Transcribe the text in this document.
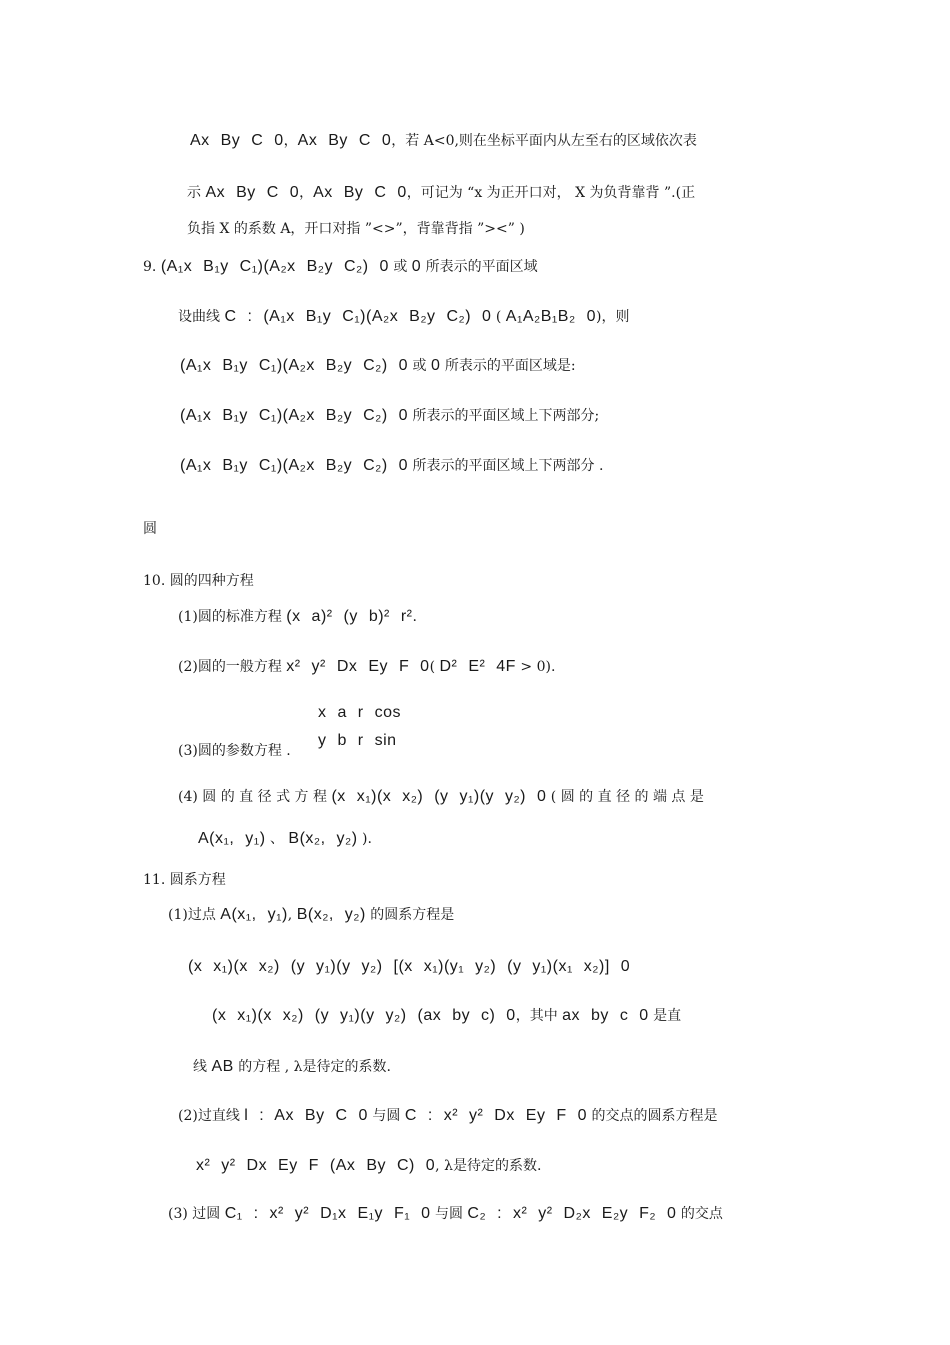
Ax By C 0，Ax By C 0，若 A<0,则在坐标平面内从左至右的区域依次表
示 Ax By C 0，Ax By C 0，可记为 “x 为正开口对， X 为负背靠背 ”.(正
负指 X 的系数 A，开口对指 ”<>”，背靠背指 ”><” )
9. (A₁x B₁y C₁)(A₂x B₂y C₂) 0 或 0 所表示的平面区域
设曲线 C : (A₁x B₁y C₁)(A₂x B₂y C₂) 0 ( A₁A₂B₁B₂ 0)，则
(A₁x B₁y C₁)(A₂x B₂y C₂) 0 或 0 所表示的平面区域是:
(A₁x B₁y C₁)(A₂x B₂y C₂) 0 所表示的平面区域上下两部分;
(A₁x B₁y C₁)(A₂x B₂y C₂) 0 所表示的平面区域上下两部分 .
圆
10. 圆的四种方程
(1)圆的标准方程 (x a)² (y b)² r².
(2)圆的一般方程 x² y² Dx Ey F 0( D² E² 4F > 0).
x a r cos
y b r sin
(3)圆的参数方程 .
(4) 圆 的 直 径 式 方 程 (x x₁)(x x₂) (y y₁)(y y₂) 0 ( 圆 的 直 径 的 端 点 是
A(x₁, y₁) 、 B(x₂, y₂) ).
11. 圆系方程
(1)过点 A(x₁, y₁), B(x₂, y₂) 的圆系方程是
(x x₁)(x x₂) (y y₁)(y y₂) [(x x₁)(y₁ y₂) (y y₁)(x₁ x₂)] 0
(x x₁)(x x₂) (y y₁)(y y₂) (ax by c) 0，其中 ax by c 0 是直
线 AB 的方程 , λ是待定的系数.
(2)过直线 l : Ax By C 0 与圆 C : x² y² Dx Ey F 0 的交点的圆系方程是
x² y² Dx Ey F (Ax By C) 0, λ是待定的系数.
(3) 过圆 C₁ : x² y² D₁x E₁y F₁ 0 与圆 C₂ : x² y² D₂x E₂y F₂ 0 的交点
